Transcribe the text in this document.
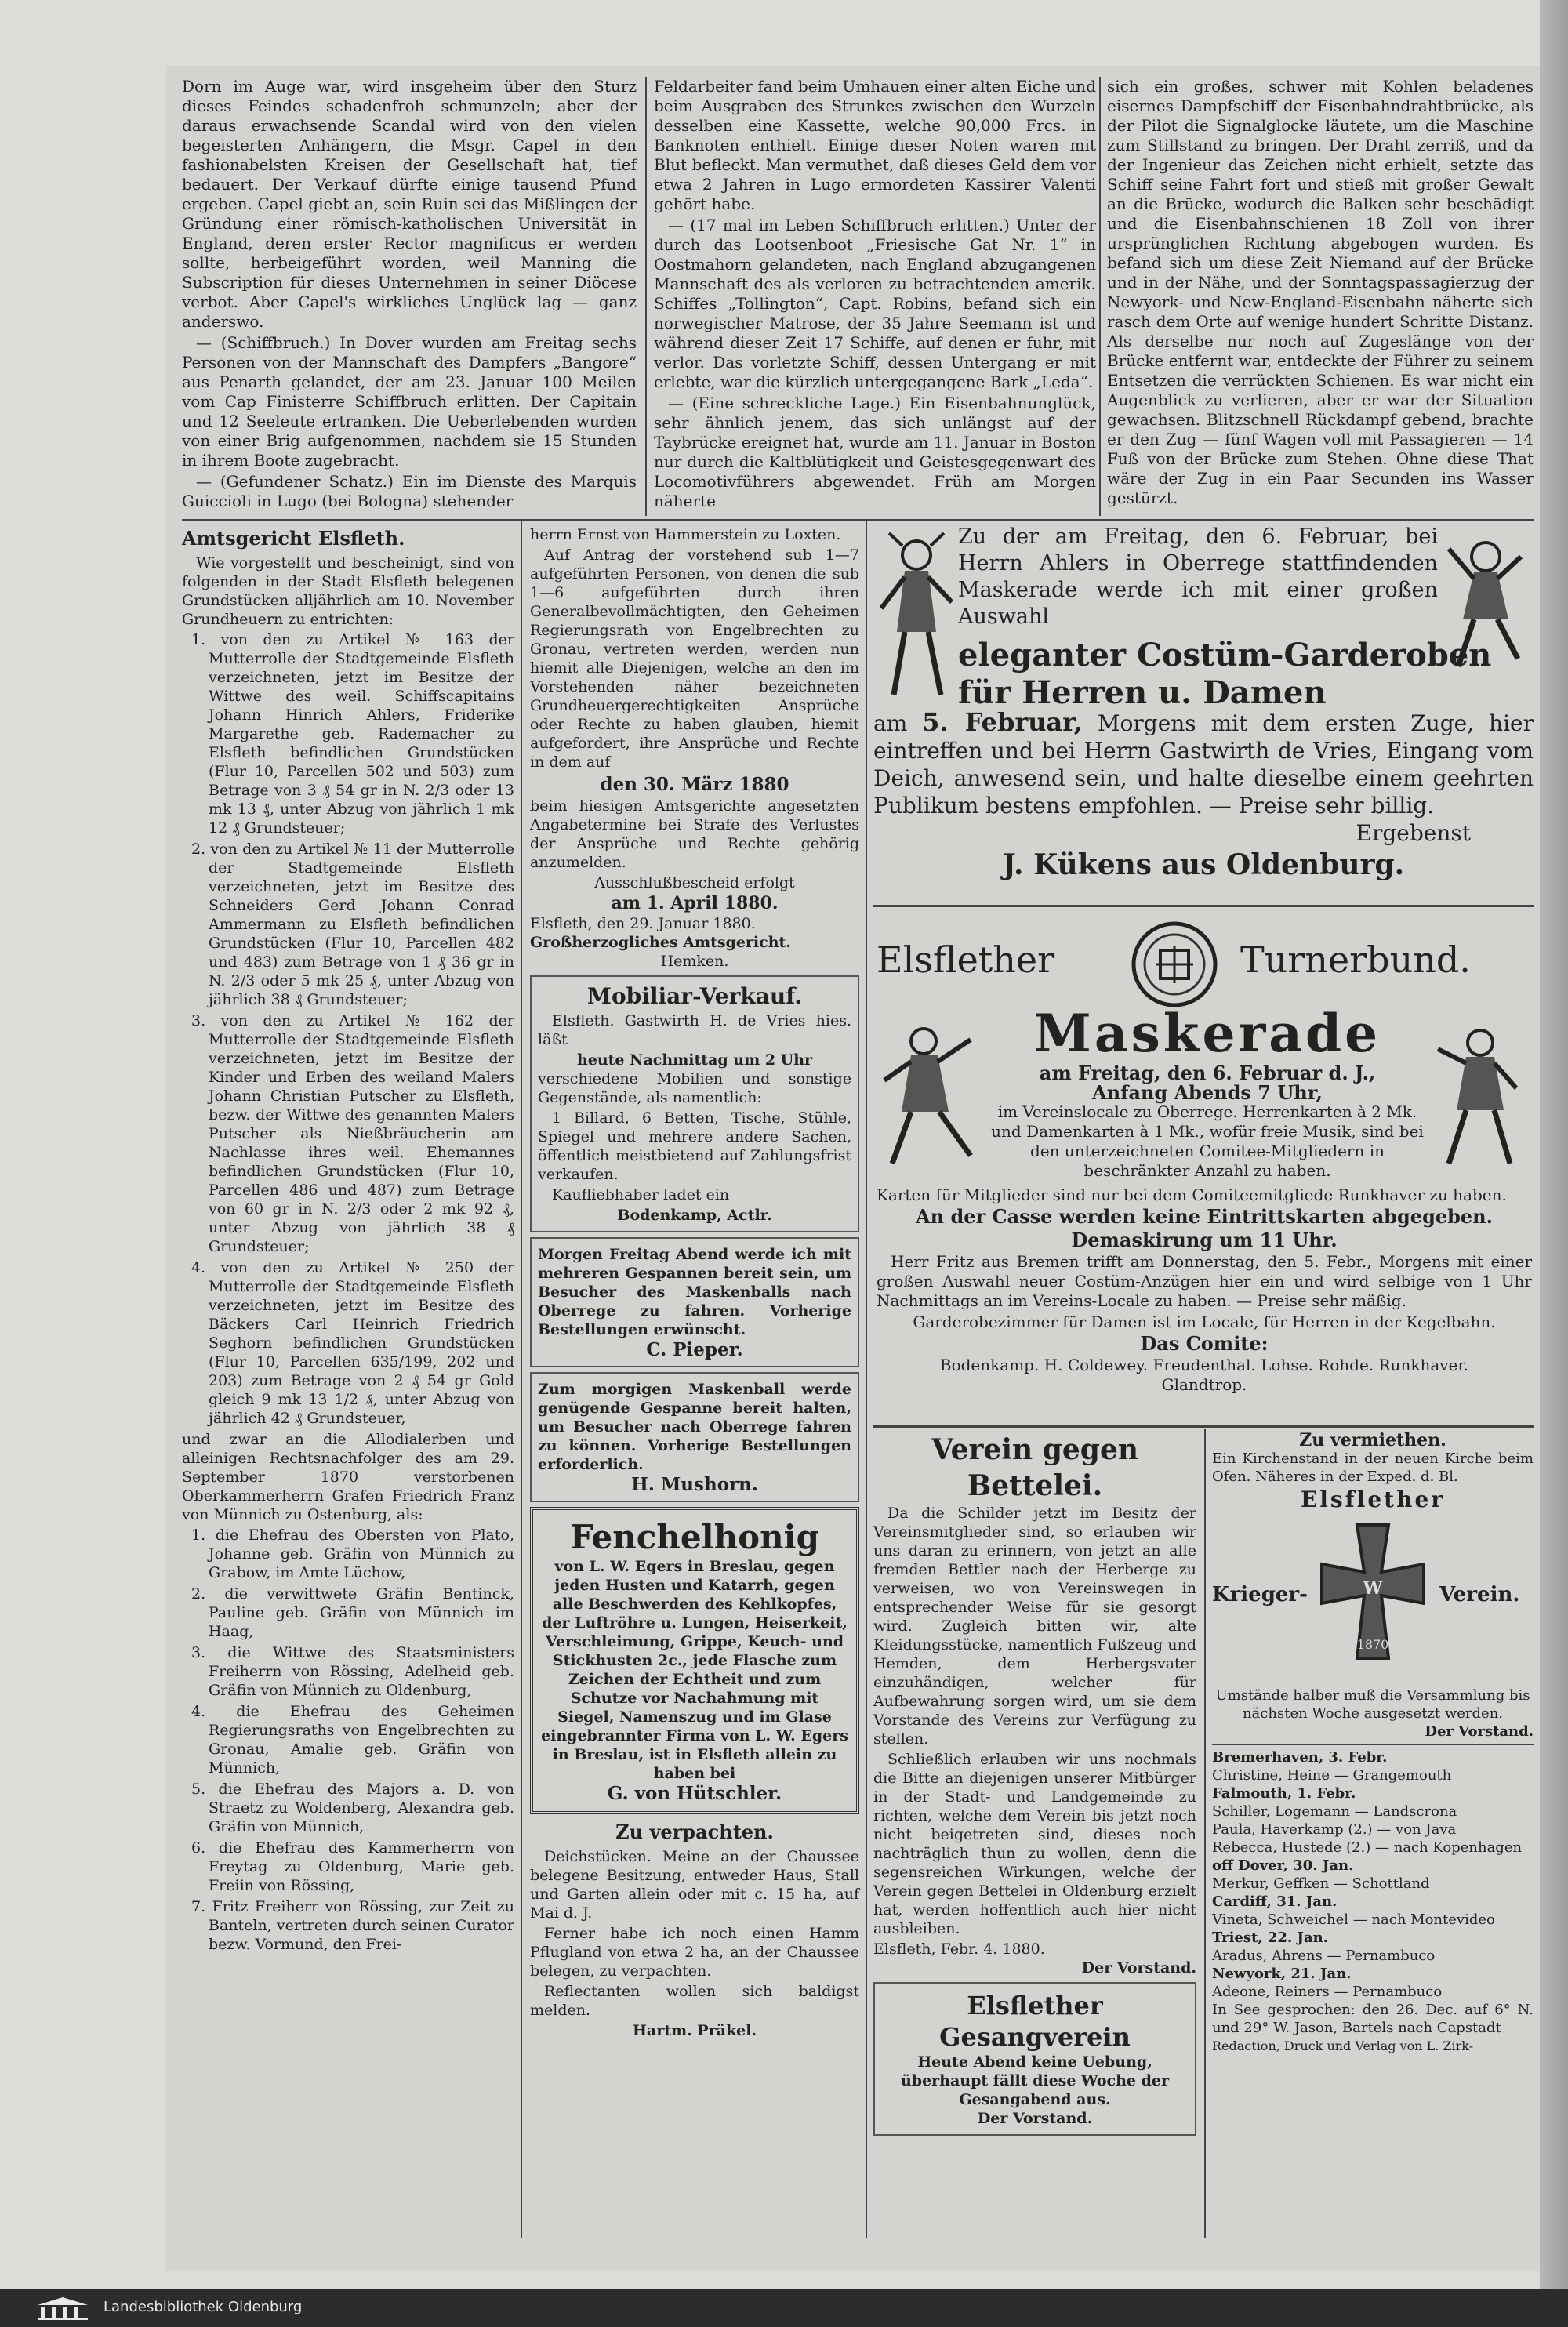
Dorn im Auge war, wird insgeheim über den Sturz dieses Feindes schadenfroh schmunzeln; aber der daraus erwachsende Scandal wird von den vielen begeisterten Anhängern, die Msgr. Capel in den fashionabelsten Kreisen der Gesellschaft hat, tief bedauert. Der Verkauf dürfte einige tausend Pfund ergeben. Capel giebt an, sein Ruin sei das Mißlingen der Gründung einer römisch-katholischen Universität in England, deren erster Rector magnificus er werden sollte, herbeigeführt worden, weil Manning die Subscription für dieses Unternehmen in seiner Diöcese verbot. Aber Capel's wirkliches Unglück lag — ganz anderswo.

— (Schiffbruch.) In Dover wurden am Freitag sechs Personen von der Mannschaft des Dampfers „Bangore“ aus Penarth gelandet, der am 23. Januar 100 Meilen vom Cap Finisterre Schiffbruch erlitten. Der Capitain und 12 Seeleute ertranken. Die Ueberlebenden wurden von einer Brig aufgenommen, nachdem sie 15 Stunden in ihrem Boote zugebracht.

— (Gefundener Schatz.) Ein im Dienste des Marquis Guiccioli in Lugo (bei Bologna) stehender

Feldarbeiter fand beim Umhauen einer alten Eiche und beim Ausgraben des Strunkes zwischen den Wurzeln desselben eine Kassette, welche 90,000 Frcs. in Banknoten enthielt. Einige dieser Noten waren mit Blut befleckt. Man vermuthet, daß dieses Geld dem vor etwa 2 Jahren in Lugo ermordeten Kassirer Valenti gehört habe.

— (17 mal im Leben Schiffbruch erlitten.) Unter der durch das Lootsenboot „Friesische Gat Nr. 1“ in Oostmahorn gelandeten, nach England abzugangenen Mannschaft des als verloren zu betrachtenden amerik. Schiffes „Tollington“, Capt. Robins, befand sich ein norwegischer Matrose, der 35 Jahre Seemann ist und während dieser Zeit 17 Schiffe, auf denen er fuhr, mit verlor. Das vorletzte Schiff, dessen Untergang er mit erlebte, war die kürzlich untergegangene Bark „Leda“.

— (Eine schreckliche Lage.) Ein Eisenbahnunglück, sehr ähnlich jenem, das sich unlängst auf der Taybrücke ereignet hat, wurde am 11. Januar in Boston nur durch die Kaltblütigkeit und Geistesgegenwart des Locomotivführers abgewendet. Früh am Morgen näherte

sich ein großes, schwer mit Kohlen beladenes eisernes Dampfschiff der Eisenbahndrahtbrücke, als der Pilot die Signalglocke läutete, um die Maschine zum Stillstand zu bringen. Der Draht zerriß, und da der Ingenieur das Zeichen nicht erhielt, setzte das Schiff seine Fahrt fort und stieß mit großer Gewalt an die Brücke, wodurch die Balken sehr beschädigt und die Eisenbahnschienen 18 Zoll von ihrer ursprünglichen Richtung abgebogen wurden. Es befand sich um diese Zeit Niemand auf der Brücke und in der Nähe, und der Sonntagspassagierzug der Newyork- und New-England-Eisenbahn näherte sich rasch dem Orte auf wenige hundert Schritte Distanz. Als derselbe nur noch auf Zugeslänge von der Brücke entfernt war, entdeckte der Führer zu seinem Entsetzen die verrückten Schienen. Es war nicht ein Augenblick zu verlieren, aber er war der Situation gewachsen. Blitzschnell Rückdampf gebend, brachte er den Zug — fünf Wagen voll mit Passagieren — 14 Fuß von der Brücke zum Stehen. Ohne diese That wäre der Zug in ein Paar Secunden ins Wasser gestürzt.

Amtsgericht Elsfleth.

Wie vorgestellt und bescheinigt, sind von folgenden in der Stadt Elsfleth belegenen Grundstücken alljährlich am 10. November Grundheuern zu entrichten:

1. von den zu Artikel № 163 der Mutterrolle der Stadtgemeinde Elsfleth verzeichneten, jetzt im Besitze der Wittwe des weil. Schiffscapitains Johann Hinrich Ahlers, Friderike Margarethe geb. Rademacher zu Elsfleth befindlichen Grundstücken (Flur 10, Parcellen 502 und 503) zum Betrage von 3 ₰ 54 gr in N. 2/3 oder 13 mk 13 ₰, unter Abzug von jährlich 1 mk 12 ₰ Grundsteuer;
2. von den zu Artikel № 11 der Mutterrolle der Stadtgemeinde Elsfleth verzeichneten, jetzt im Besitze des Schneiders Gerd Johann Conrad Ammermann zu Elsfleth befindlichen Grundstücken (Flur 10, Parcellen 482 und 483) zum Betrage von 1 ₰ 36 gr in N. 2/3 oder 5 mk 25 ₰, unter Abzug von jährlich 38 ₰ Grundsteuer;
3. von den zu Artikel № 162 der Mutterrolle der Stadtgemeinde Elsfleth verzeichneten, jetzt im Besitze der Kinder und Erben des weiland Malers Johann Christian Putscher zu Elsfleth, bezw. der Wittwe des genannten Malers Putscher als Nießbräucherin am Nachlasse ihres weil. Ehemannes befindlichen Grundstücken (Flur 10, Parcellen 486 und 487) zum Betrage von 60 gr in N. 2/3 oder 2 mk 92 ₰, unter Abzug von jährlich 38 ₰ Grundsteuer;
4. von den zu Artikel № 250 der Mutterrolle der Stadtgemeinde Elsfleth verzeichneten, jetzt im Besitze des Bäckers Carl Heinrich Friedrich Seghorn befindlichen Grundstücken (Flur 10, Parcellen 635/199, 202 und 203) zum Betrage von 2 ₰ 54 gr Gold gleich 9 mk 13 1/2 ₰, unter Abzug von jährlich 42 ₰ Grundsteuer,

und zwar an die Allodialerben und alleinigen Rechtsnachfolger des am 29. September 1870 verstorbenen Oberkammerherrn Grafen Friedrich Franz von Münnich zu Ostenburg, als:

1. die Ehefrau des Obersten von Plato, Johanne geb. Gräfin von Münnich zu Grabow, im Amte Lüchow,
2. die verwittwete Gräfin Bentinck, Pauline geb. Gräfin von Münnich im Haag,
3. die Wittwe des Staatsministers Freiherrn von Rössing, Adelheid geb. Gräfin von Münnich zu Oldenburg,
4. die Ehefrau des Geheimen Regierungsraths von Engelbrechten zu Gronau, Amalie geb. Gräfin von Münnich,
5. die Ehefrau des Majors a. D. von Straetz zu Woldenberg, Alexandra geb. Gräfin von Münnich,
6. die Ehefrau des Kammerherrn von Freytag zu Oldenburg, Marie geb. Freiin von Rössing,
7. Fritz Freiherr von Rössing, zur Zeit zu Banteln, vertreten durch seinen Curator bezw. Vormund, den Frei-

herrn Ernst von Hammerstein zu Loxten.

Auf Antrag der vorstehend sub 1—7 aufgeführten Personen, von denen die sub 1—6 aufgeführten durch ihren Generalbevollmächtigten, den Geheimen Regierungsrath von Engelbrechten zu Gronau, vertreten werden, werden nun hiemit alle Diejenigen, welche an den im Vorstehenden näher bezeichneten Grundheuergerechtigkeiten Ansprüche oder Rechte zu haben glauben, hiemit aufgefordert, ihre Ansprüche und Rechte in dem auf

den 30. März 1880

beim hiesigen Amtsgerichte angesetzten Angabetermine bei Strafe des Verlustes der Ansprüche und Rechte gehörig anzumelden.

Ausschlußbescheid erfolgt
am 1. April 1880.
Elsfleth, den 29. Januar 1880.
Großherzogliches Amtsgericht.
Hemken.
Mobiliar-Verkauf.

Elsfleth. Gastwirth H. de Vries hies. läßt

heute Nachmittag um 2 Uhr

verschiedene Mobilien und sonstige Gegenstände, als namentlich:

1 Billard, 6 Betten, Tische, Stühle, Spiegel und mehrere andere Sachen, öffentlich meistbietend auf Zahlungsfrist verkaufen.

Kaufliebhaber ladet ein

Bodenkamp, Actlr.

Morgen Freitag Abend werde ich mit mehreren Gespannen bereit sein, um Besucher des Maskenballs nach Oberrege zu fahren. Vorherige Bestellungen erwünscht.

C. Pieper.

Zum morgigen Maskenball werde genügende Gespanne bereit halten, um Besucher nach Oberrege fahren zu können. Vorherige Bestellungen erforderlich.

H. Mushorn.
Fenchelhonig

von L. W. Egers in Breslau, gegen jeden Husten und Katarrh, gegen alle Beschwerden des Kehlkopfes, der Luftröhre u. Lungen, Heiserkeit, Verschleimung, Grippe, Keuch- und Stickhusten 2c., jede Flasche zum Zeichen der Echtheit und zum Schutze vor Nachahmung mit Siegel, Namenszug und im Glase eingebrannter Firma von L. W. Egers in Breslau, ist in Elsfleth allein zu haben bei

G. von Hütschler.
Zu verpachten.

Deichstücken. Meine an der Chaussee belegene Besitzung, entweder Haus, Stall und Garten allein oder mit c. 15 ha, auf Mai d. J.

Ferner habe ich noch einen Hamm Pflugland von etwa 2 ha, an der Chaussee belegen, zu verpachten.

Reflectanten wollen sich baldigst melden.

Hartm. Präkel.
Zu der am Freitag, den 6. Februar, bei Herrn Ahlers in Oberrege stattfindenden Maskerade werde ich mit einer großen Auswahl
eleganter Costüm-Garderoben für Herren u. Damen
am 5. Februar, Morgens mit dem ersten Zuge, hier eintreffen und bei Herrn Gastwirth de Vries, Eingang vom Deich, anwesend sein, und halte dieselbe einem geehrten Publikum bestens empfohlen. — Preise sehr billig.
Ergebenst
J. Kükens aus Oldenburg.
Elsflether	Turnerbund.
Maskerade
am Freitag, den 6. Februar d. J.,
Anfang Abends 7 Uhr,
im Vereinslocale zu Oberrege. Herrenkarten à 2 Mk. und Damenkarten à 1 Mk., wofür freie Musik, sind bei den unterzeichneten Comitee-Mitgliedern in beschränkter Anzahl zu haben.
Karten für Mitglieder sind nur bei dem Comiteemitgliede Runkhaver zu haben.
An der Casse werden keine Eintrittskarten abgegeben.
Demaskirung um 11 Uhr.

Herr Fritz aus Bremen trifft am Donnerstag, den 5. Febr., Morgens mit einer großen Auswahl neuer Costüm-Anzügen hier ein und wird selbige von 1 Uhr Nachmittags an im Vereins-Locale zu haben. — Preise sehr mäßig.

Garderobezimmer für Damen ist im Locale, für Herren in der Kegelbahn.
Das Comite:
Bodenkamp. H. Coldewey. Freudenthal. Lohse. Rohde. Runkhaver.
Glandtrop.
Verein gegen Bettelei.

Da die Schilder jetzt im Besitz der Vereinsmitglieder sind, so erlauben wir uns daran zu erinnern, von jetzt an alle fremden Bettler nach der Herberge zu verweisen, wo von Vereinswegen in entsprechender Weise für sie gesorgt wird. Zugleich bitten wir, alte Kleidungsstücke, namentlich Fußzeug und Hemden, dem Herbergsvater einzuhändigen, welcher für Aufbewahrung sorgen wird, um sie dem Vorstande des Vereins zur Verfügung zu stellen.

Schließlich erlauben wir uns nochmals die Bitte an diejenigen unserer Mitbürger in der Stadt- und Landgemeinde zu richten, welche dem Verein bis jetzt noch nicht beigetreten sind, dieses noch nachträglich thun zu wollen, denn die segensreichen Wirkungen, welche der Verein gegen Bettelei in Oldenburg erzielt hat, werden hoffentlich auch hier nicht ausbleiben.

Elsfleth, Febr. 4. 1880.
Der Vorstand.
Elsflether Gesangverein
Heute Abend keine Uebung, überhaupt fällt diese Woche der Gesangabend aus.
Der Vorstand.
Zu vermiethen.
Ein Kirchenstand in der neuen Kirche beim Ofen. Näheres in der Exped. d. Bl.
Elsflether
Krieger-	W
1870
Verein.
Umstände halber muß die Versammlung bis nächsten Woche ausgesetzt werden.
Der Vorstand.
Bremerhaven, 3. Febr.
Christine, Heine — Grangemouth
Falmouth, 1. Febr.
Schiller, Logemann — Landscrona
Paula, Haverkamp (2.) — von Java
Rebecca, Hustede (2.) — nach Kopenhagen
off Dover, 30. Jan.
Merkur, Geffken — Schottland
Cardiff, 31. Jan.
Vineta, Schweichel — nach Montevideo
Triest, 22. Jan.
Aradus, Ahrens — Pernambuco
Newyork, 21. Jan.
Adeone, Reiners — Pernambuco
In See gesprochen: den 26. Dec. auf 6° N. und 29° W. Jason, Bartels nach Capstadt
Redaction, Druck und Verlag von L. Zirk-
Landesbibliothek Oldenburg
